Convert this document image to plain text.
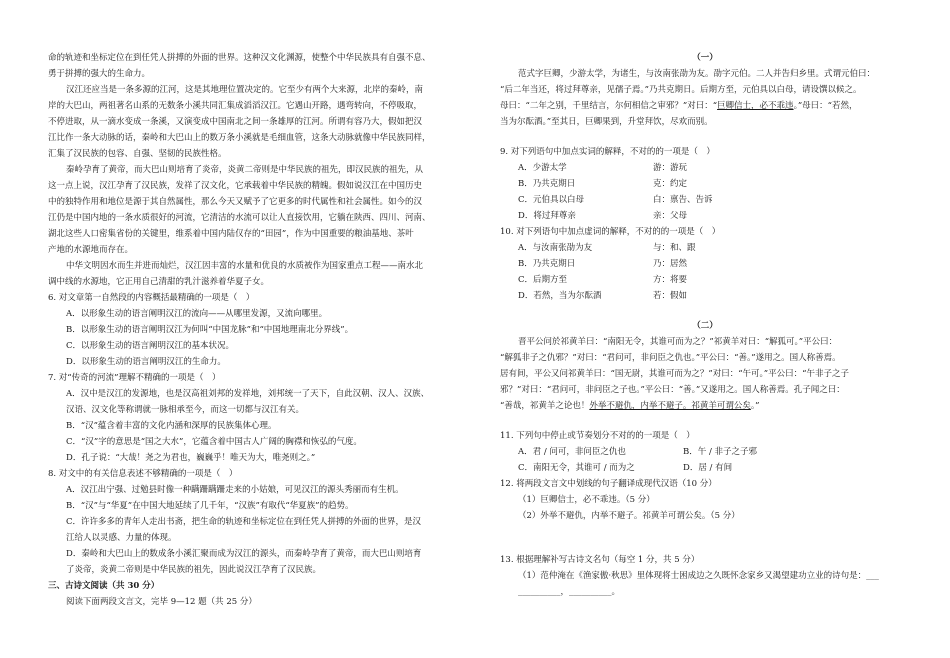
命的轨迹和坐标定位在到任凭人拼搏的外面的世界。这种汉文化渊源，使整个中华民族具有自强不息、
勇于拼搏的强大的生命力。
汉江还应当是一条多源的江河，这是其地理位置决定的。它至少有两个大来源，北岸的秦岭，南
岸的大巴山，两祖著名山系的无数条小溪共同汇集成滔滔汉江。它遇山开路，遇弯转向，不停吸取，
不停进取，从一滴水变成一条溪，又演变成中国南北之间一条雄厚的江河。所谓有容乃大，假如把汉
江比作一条大动脉的话，秦岭和大巴山上的数万条小溪就是毛细血管，这条大动脉就像中华民族同样，
汇集了汉民族的包容、自强、坚韧的民族性格。
秦岭孕育了黄帝，而大巴山则培育了炎帝，炎黄二帝则是中华民族的祖先，即汉民族的祖先，从
这一点上说，汉江孕育了汉民族，发祥了汉文化，它承载着中华民族的精魄。假如说汉江在中国历史
中的独特作用和地位是源于其自然属性，那么今天又赋予了它更多的时代属性和社会属性。如今的汉
江仍是中国内地的一条水质很好的河流，它清洁的水流可以让人直接饮用，它躺在陕西、四川、河南、
湖北这些人口密集省份的关键里，维系着中国内陆仅存的“田园”，作为中国重要的粮油基地、茶叶
产地的水源地而存在。
中华文明因水而生并进而灿烂，汉江因丰富的水量和优良的水质被作为国家重点工程——南水北
调中线的水源地，它正用自己清甜的乳汁滋养着华夏子女。
6. 对文章第一自然段的内容概括最精确的一项是（　）
A．以形象生动的语言阐明汉江的流向——从哪里发源，又流向哪里。
B．以形象生动的语言阐明汉江为何叫“中国龙脉”和“中国地理南北分界线”。
C．以形象生动的语言阐明汉江的基本状况。
D．以形象生动的语言阐明汉江的生命力。
7. 对“传奇的河流”理解不精确的一项是（　）
A．汉中是汉江的发源地，也是汉高祖刘邦的发祥地，刘邦统一了天下，自此汉朝、汉人、汉族、
汉语、汉文化等称谓就一脉相承至今，而这一切都与汉江有关。
B．“汉”蕴含着丰富的文化内涵和深厚的民族集体心理。
C．“汉”字的意思是“国之大水”，它蕴含着中国古人广阔的胸襟和恢弘的气度。
D．孔子说：“大哉！尧之为君也，巍巍乎！唯天为大，唯尧则之。”
8. 对文中的有关信息表述不够精确的一项是（　）
A．汉江出宁强、过勉县时像一种蹒跚蹒跚走来的小姑娘，可见汉江的源头秀丽而有生机。
B．“汉”与“华夏”在中国大地延续了几千年，“汉族”有取代“华夏族”的趋势。
C．许许多多的青年人走出书斋，把生命的轨迹和坐标定位在到任凭人拼搏的外面的世界，是汉
江给人以灵感、力量的体现。
D．秦岭和大巴山上的数成条小溪汇聚而成为汉江的源头，而秦岭孕育了黄帝，而大巴山则培育
了炎帝，炎黄二帝则是中华民族的祖先，因此说汉江孕育了汉民族。
三、古诗文阅读（共 30 分）
阅读下面两段文言文，完毕 9—12 题（共 25 分）
（一）
范式字巨卿，少游太学，为诸生，与汝南张劭为友。劭字元伯。二人并告归乡里。式谓元伯曰：
“后二年当还，将过拜尊亲，见孺子焉。”乃共克期日。后期方至，元伯具以白母，请设馔以候之。
母曰：“二年之别，千里结言，尔何相信之审邪？”对曰：“巨卿信士，必不乖违。”母曰：“若然，
当为尔酝酒。”至其日，巨卿果到，升堂拜饮，尽欢而别。
9. 对下列语句中加点实词的解释，不对的的一项是（　）
A．少游太学	游：游玩
B．乃共克期日	克：约定
C．元伯具以白母	白：禀告、告诉
D．将过拜尊亲	亲：父母
10. 对下列语句中加点虚词的解释，不对的的一项是（　）
A．与汝南张劭为友	与：和、跟
B．乃共克期日	乃：居然
C．后期方至	方：将要
D．若然，当为尔酝酒	若：假如
（二）
晋平公问於祁黄羊曰：“南阳无令，其谁可而为之？”祁黄羊对曰：“解狐可。”平公曰：
“解狐非子之仇邪？”对曰：“君问可，非问臣之仇也。”平公曰：“善。”遂用之。国人称善焉。
居有间，平公又问祁黄羊曰：“国无尉，其谁可而为之？”对曰：“午可。”平公曰：“午非子之子
邪？”对曰：“君问可，非问臣之子也。”平公曰：“善。”又遂用之。国人称善焉。孔子闻之曰：
“善哉，祁黄羊之论也！外举不避仇，内举不避子。祁黄羊可谓公矣。”
11. 下列句中停止或节奏划分不对的的一项是（　）
A．君 / 问可，非问臣之仇也	B．午 / 非子之子邪
C．南阳无令，其谁可 / 而为之	D．居 / 有间
12. 将两段文言文中划线的句子翻译成现代汉语（10 分）
（1）巨卿信士，必不乖违。（5 分）
（2）外举不避仇，内举不避子。祁黄羊可谓公矣。（5 分）
13. 根据理解补写古诗文名句（每空 1 分，共 5 分）
（1）范仲淹在《渔家傲·秋思》里体现将士困成边之久既怀念家乡又渴望建功立业的诗句是：___
__________，__________。
